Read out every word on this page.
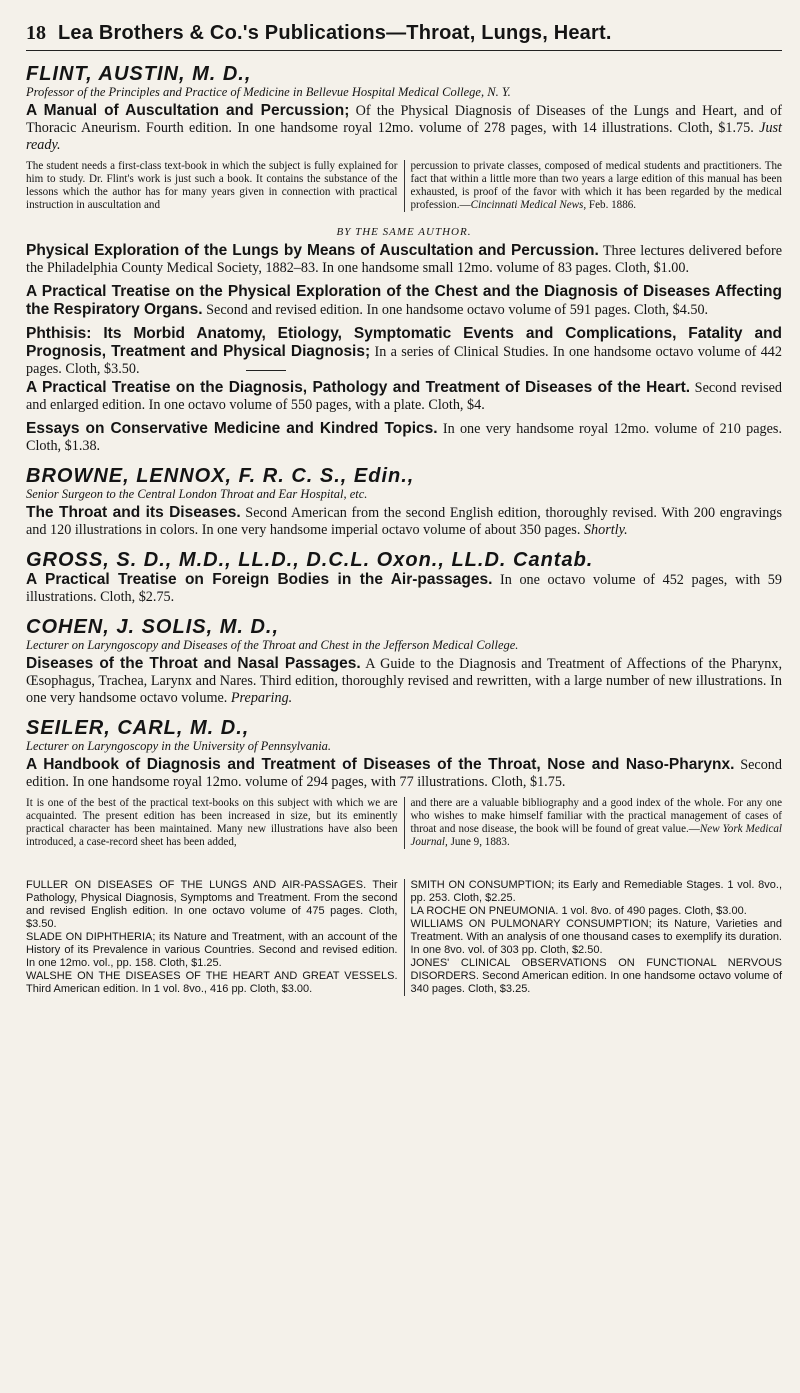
18 Lea Brothers & Co.'s Publications—Throat, Lungs, Heart.
FLINT, AUSTIN, M. D.,
Professor of the Principles and Practice of Medicine in Bellevue Hospital Medical College, N. Y.

A Manual of Auscultation and Percussion; Of the Physical Diagnosis of Diseases of the Lungs and Heart, and of Thoracic Aneurism. Fourth edition. In one handsome royal 12mo. volume of 278 pages, with 14 illustrations. Cloth, $1.75. Just ready.

The student needs a first-class text-book in which the subject is fully explained for him to study. Dr. Flint's work is just such a book. It contains the substance of the lessons which the author has for many years given in connection with practical instruction in auscultation and
percussion to private classes, composed of medical students and practitioners. The fact that within a little more than two years a large edition of this manual has been exhausted, is proof of the favor with which it has been regarded by the medical profession.—Cincinnati Medical News, Feb. 1886.
BY THE SAME AUTHOR.

Physical Exploration of the Lungs by Means of Auscultation and Percussion. Three lectures delivered before the Philadelphia County Medical Society, 1882–83. In one handsome small 12mo. volume of 83 pages. Cloth, $1.00.

A Practical Treatise on the Physical Exploration of the Chest and the Diagnosis of Diseases Affecting the Respiratory Organs. Second and revised edition. In one handsome octavo volume of 591 pages. Cloth, $4.50.

Phthisis: Its Morbid Anatomy, Etiology, Symptomatic Events and Complications, Fatality and Prognosis, Treatment and Physical Diagnosis; In a series of Clinical Studies. In one handsome octavo volume of 442 pages. Cloth, $3.50.

A Practical Treatise on the Diagnosis, Pathology and Treatment of Diseases of the Heart. Second revised and enlarged edition. In one octavo volume of 550 pages, with a plate. Cloth, $4.

Essays on Conservative Medicine and Kindred Topics. In one very handsome royal 12mo. volume of 210 pages. Cloth, $1.38.

BROWNE, LENNOX, F. R. C. S., Edin.,
Senior Surgeon to the Central London Throat and Ear Hospital, etc.

The Throat and its Diseases. Second American from the second English edition, thoroughly revised. With 200 engravings and 120 illustrations in colors. In one very handsome imperial octavo volume of about 350 pages. Shortly.

GROSS, S. D., M.D., LL.D., D.C.L. Oxon., LL.D. Cantab.

A Practical Treatise on Foreign Bodies in the Air-passages. In one octavo volume of 452 pages, with 59 illustrations. Cloth, $2.75.

COHEN, J. SOLIS, M. D.,
Lecturer on Laryngoscopy and Diseases of the Throat and Chest in the Jefferson Medical College.

Diseases of the Throat and Nasal Passages. A Guide to the Diagnosis and Treatment of Affections of the Pharynx, Œsophagus, Trachea, Larynx and Nares. Third edition, thoroughly revised and rewritten, with a large number of new illustrations. In one very handsome octavo volume. Preparing.

SEILER, CARL, M. D.,
Lecturer on Laryngoscopy in the University of Pennsylvania.

A Handbook of Diagnosis and Treatment of Diseases of the Throat, Nose and Naso-Pharynx. Second edition. In one handsome royal 12mo. volume of 294 pages, with 77 illustrations. Cloth, $1.75.

It is one of the best of the practical text-books on this subject with which we are acquainted. The present edition has been increased in size, but its eminently practical character has been maintained. Many new illustrations have also been introduced, a case-record sheet has been added,
and there are a valuable bibliography and a good index of the whole. For any one who wishes to make himself familiar with the practical management of cases of throat and nose disease, the book will be found of great value.—New York Medical Journal, June 9, 1883.

FULLER ON DISEASES OF THE LUNGS AND AIR-PASSAGES. Their Pathology, Physical Diagnosis, Symptoms and Treatment. From the second and revised English edition. In one octavo volume of 475 pages. Cloth, $3.50.

SLADE ON DIPHTHERIA; its Nature and Treatment, with an account of the History of its Prevalence in various Countries. Second and revised edition. In one 12mo. vol., pp. 158. Cloth, $1.25.

WALSHE ON THE DISEASES OF THE HEART AND GREAT VESSELS. Third American edition. In 1 vol. 8vo., 416 pp. Cloth, $3.00.

SMITH ON CONSUMPTION; its Early and Remediable Stages. 1 vol. 8vo., pp. 253. Cloth, $2.25.

LA ROCHE ON PNEUMONIA. 1 vol. 8vo. of 490 pages. Cloth, $3.00.

WILLIAMS ON PULMONARY CONSUMPTION; its Nature, Varieties and Treatment. With an analysis of one thousand cases to exemplify its duration. In one 8vo. vol. of 303 pp. Cloth, $2.50.

JONES' CLINICAL OBSERVATIONS ON FUNCTIONAL NERVOUS DISORDERS. Second American edition. In one handsome octavo volume of 340 pages. Cloth, $3.25.
